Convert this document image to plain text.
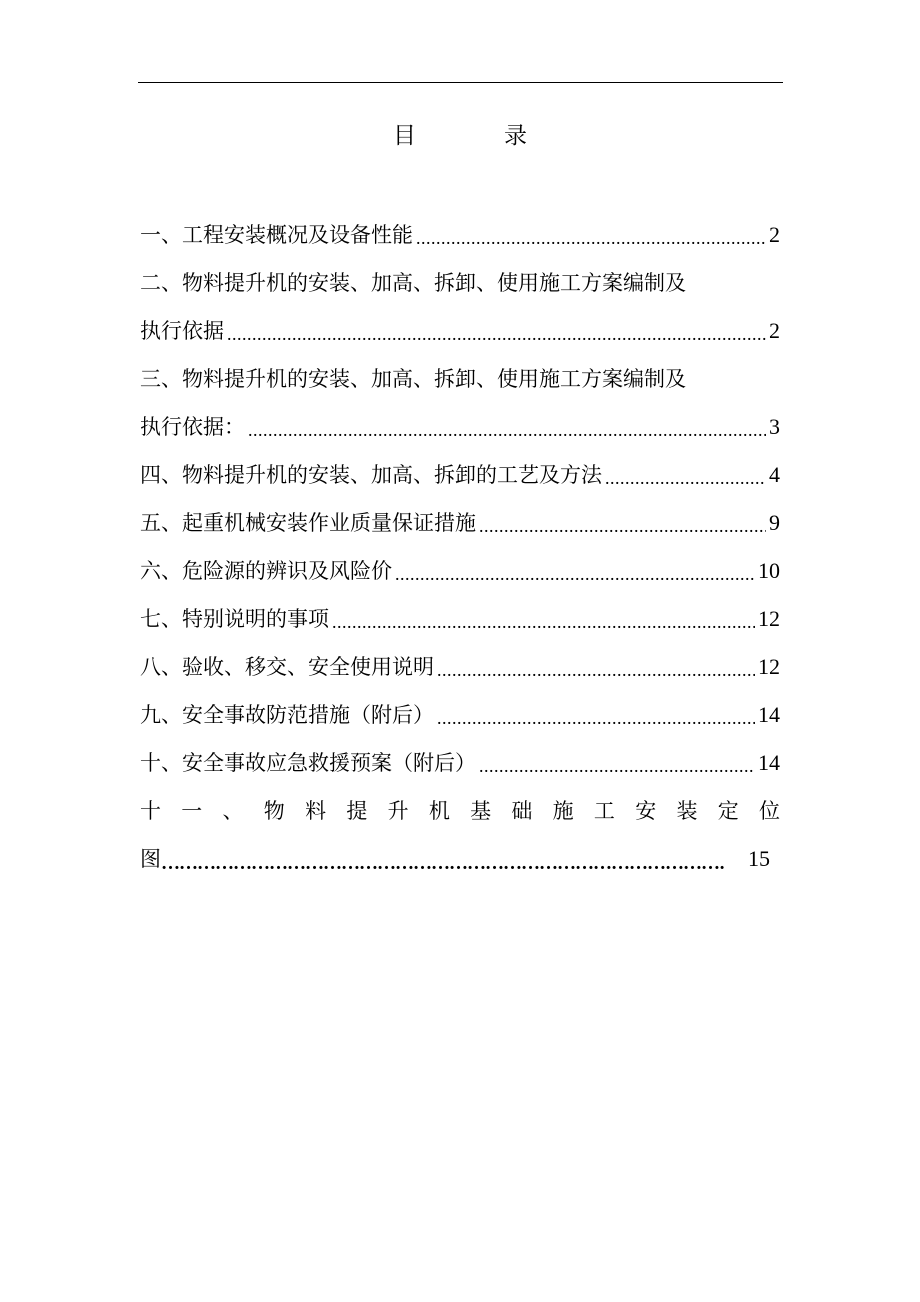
目	录
一、工程安装概况及设备性能 .....	2
二、物料提升机的安装、加高、拆卸、使用施工方案编制及
执行依据 .....	2
三、物料提升机的安装、加高、拆卸、使用施工方案编制及
执行依据： .....	3
四、物料提升机的安装、加高、拆卸的工艺及方法 .....	4
五、起重机械安装作业质量保证措施 .....	9
六、危险源的辨识及风险价 .....	10
七、特别说明的事项 .....	12
八、验收、移交、安全使用说明 .....	12
九、安全事故防范措施（附后） .....	14
十、安全事故应急救援预案（附后） .....	14
十 一 、 物 料 提 升 机 基 础 施 工 安 装 定 位
图 …………………………………………………………………………………………………………	15
